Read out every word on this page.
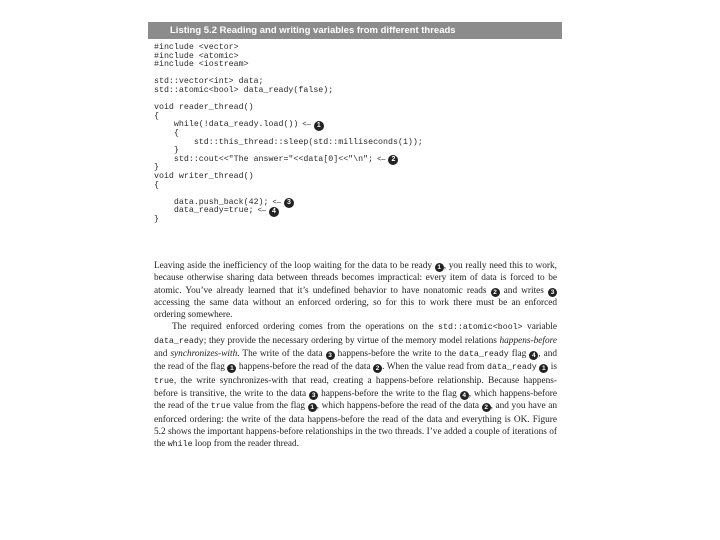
Listing 5.2 Reading and writing variables from different threads
#include <vector>
#include <atomic>
#include <iostream>
std::vector<int> data;
std::atomic<bool> data_ready(false);
void reader_thread()
{
while(!data_ready.load()) <— 1
{
std::this_thread::sleep(std::milliseconds(1));
}
std::cout<<"The answer="<<data[0]<<"\n"; <— 2
}
void writer_thread()
{
data.push_back(42); <— 3
data_ready=true; <— 4
}

Leaving aside the inefficiency of the loop waiting for the data to be ready 1 , you really need this to work, because otherwise sharing data between threads becomes impractical: every item of data is forced to be atomic. You’ve already learned that it’s undefined behavior to have nonatomic reads 2 and writes 3 accessing the same data without an enforced ordering, so for this to work there must be an enforced ordering somewhere.

The required enforced ordering comes from the operations on the std::atomic<bool> variable data_ready; they provide the necessary ordering by virtue of the memory model relations happens-before and synchronizes-with. The write of the data 3 happens-before the write to the data_ready flag 4 , and the read of the flag 1 happens-before the read of the data 2 . When the value read from data_ready 1 is true, the write synchronizes-with that read, creating a happens-before relationship. Because happens-before is transitive, the write to the data 3 happens-before the write to the flag 4 , which happens-before the read of the true value from the flag 1 , which happens-before the read of the data 2 , and you have an enforced ordering: the write of the data happens-before the read of the data and everything is OK. Figure 5.2 shows the important happens-before relationships in the two threads. I’ve added a couple of iterations of the while loop from the reader thread.
